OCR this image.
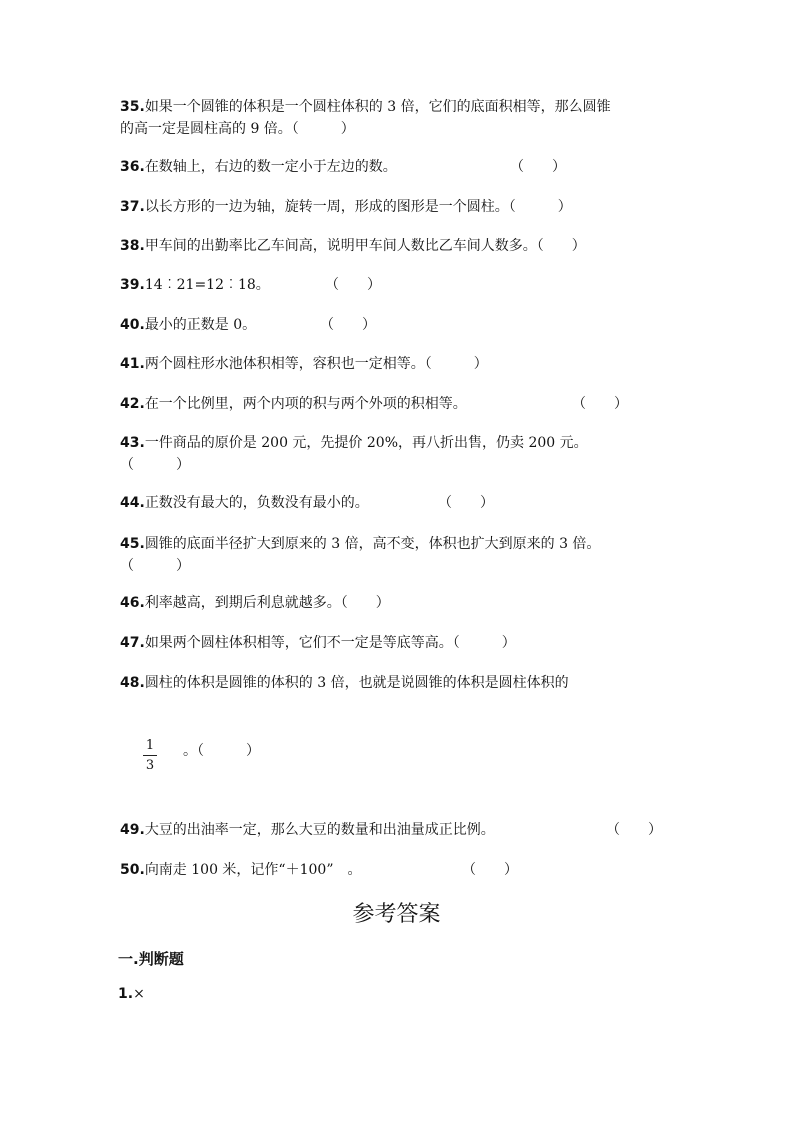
35.如果一个圆锥的体积是一个圆柱体积的 3 倍，它们的底面积相等，那么圆锥
的高一定是圆柱高的 9 倍。（　　　）
36.在数轴上，右边的数一定小于左边的数。	（　　）
37.以长方形的一边为轴，旋转一周，形成的图形是一个圆柱。（　　　）
38.甲车间的出勤率比乙车间高，说明甲车间人数比乙车间人数多。（　　）
39.14︰21=12︰18。	（　　）
40.最小的正数是 0。	（　　）
41.两个圆柱形水池体积相等，容积也一定相等。（　　　）
42.在一个比例里，两个内项的积与两个外项的积相等。	（　　）
43.一件商品的原价是 200 元，先提价 20%，再八折出售，仍卖 200 元。
（　　　）
44.正数没有最大的，负数没有最小的。	（　　）
45.圆锥的底面半径扩大到原来的 3 倍，高不变，体积也扩大到原来的 3 倍。
（　　　）
46.利率越高，到期后利息就越多。（　　）
47.如果两个圆柱体积相等，它们不一定是等底等高。（　　　）
48.圆柱的体积是圆锥的体积的 3 倍，也就是说圆锥的体积是圆柱体积的
1
3
。（　　　）
49.大豆的出油率一定，那么大豆的数量和出油量成正比例。	（　　）
50.向南走 100 米，记作“＋100”　。	（　　）
参考答案
一.判断题
1.×
